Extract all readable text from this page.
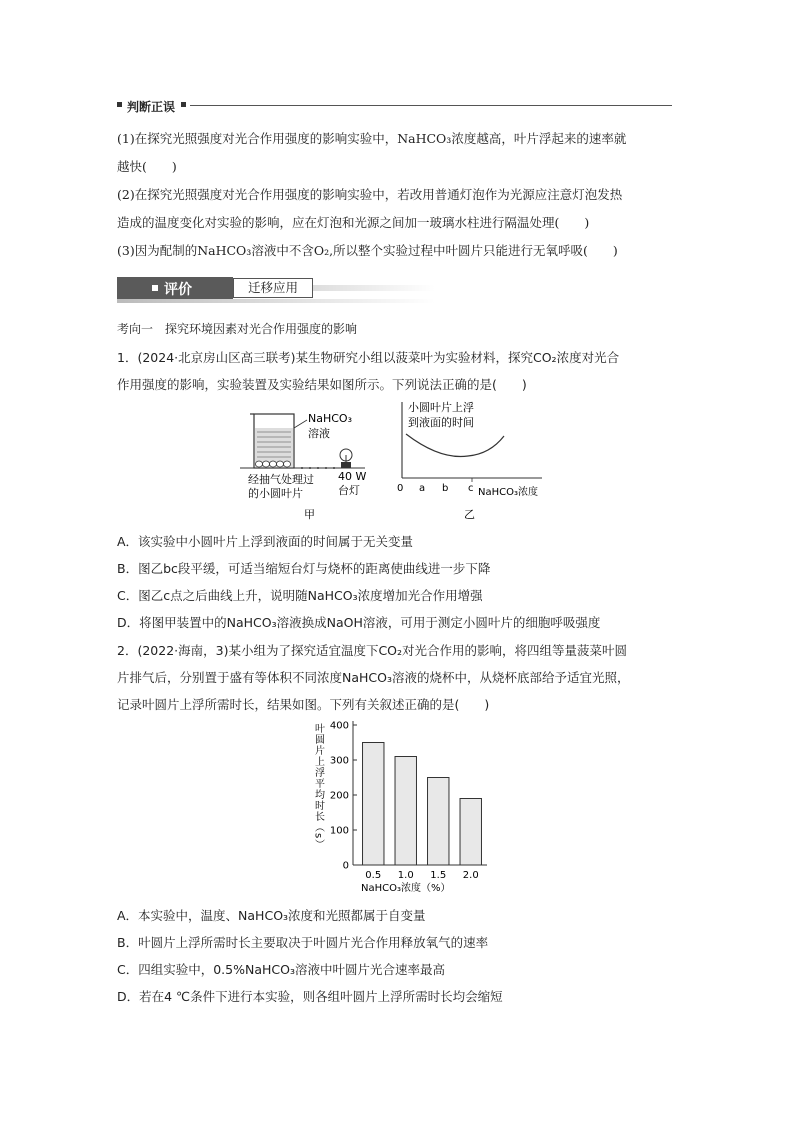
判断正误
(1)在探究光照强度对光合作用强度的影响实验中，NaHCO₃浓度越高，叶片浮起来的速率就
越快(　　)
(2)在探究光照强度对光合作用强度的影响实验中，若改用普通灯泡作为光源应注意灯泡发热
造成的温度变化对实验的影响，应在灯泡和光源之间加一玻璃水柱进行隔温处理(　　)
(3)因为配制的NaHCO₃溶液中不含O₂,所以整个实验过程中叶圆片只能进行无氧呼吸(　　)
评价	迁移应用
考向一　探究环境因素对光合作用强度的影响
1．(2024·北京房山区高三联考)某生物研究小组以菠菜叶为实验材料，探究CO₂浓度对光合
作用强度的影响，实验装置及实验结果如图所示。下列说法正确的是(　　)
NaHCO₃
溶液
经抽气处理过
的小圆叶片
40 W
台灯
甲
小圆叶片上浮
到液面的时间
0 a b c NaHCO₃浓度
乙
A．该实验中小圆叶片上浮到液面的时间属于无关变量
B．图乙bc段平缓，可适当缩短台灯与烧杯的距离使曲线进一步下降
C．图乙c点之后曲线上升，说明随NaHCO₃浓度增加光合作用增强
D．将图甲装置中的NaHCO₃溶液换成NaOH溶液，可用于测定小圆叶片的细胞呼吸强度
2．(2022·海南，3)某小组为了探究适宜温度下CO₂对光合作用的影响，将四组等量菠菜叶圆
片排气后，分别置于盛有等体积不同浓度NaHCO₃溶液的烧杯中，从烧杯底部给予适宜光照，
记录叶圆片上浮所需时长，结果如图。下列有关叙述正确的是(　　)
0
100
200
300
400
0.5 1.0 1.5 2.0
叶圆片上浮平均时长（s）
NaHCO₃浓度（%）
A．本实验中，温度、NaHCO₃浓度和光照都属于自变量
B．叶圆片上浮所需时长主要取决于叶圆片光合作用释放氧气的速率
C．四组实验中，0.5%NaHCO₃溶液中叶圆片光合速率最高
D．若在4 ℃条件下进行本实验，则各组叶圆片上浮所需时长均会缩短
